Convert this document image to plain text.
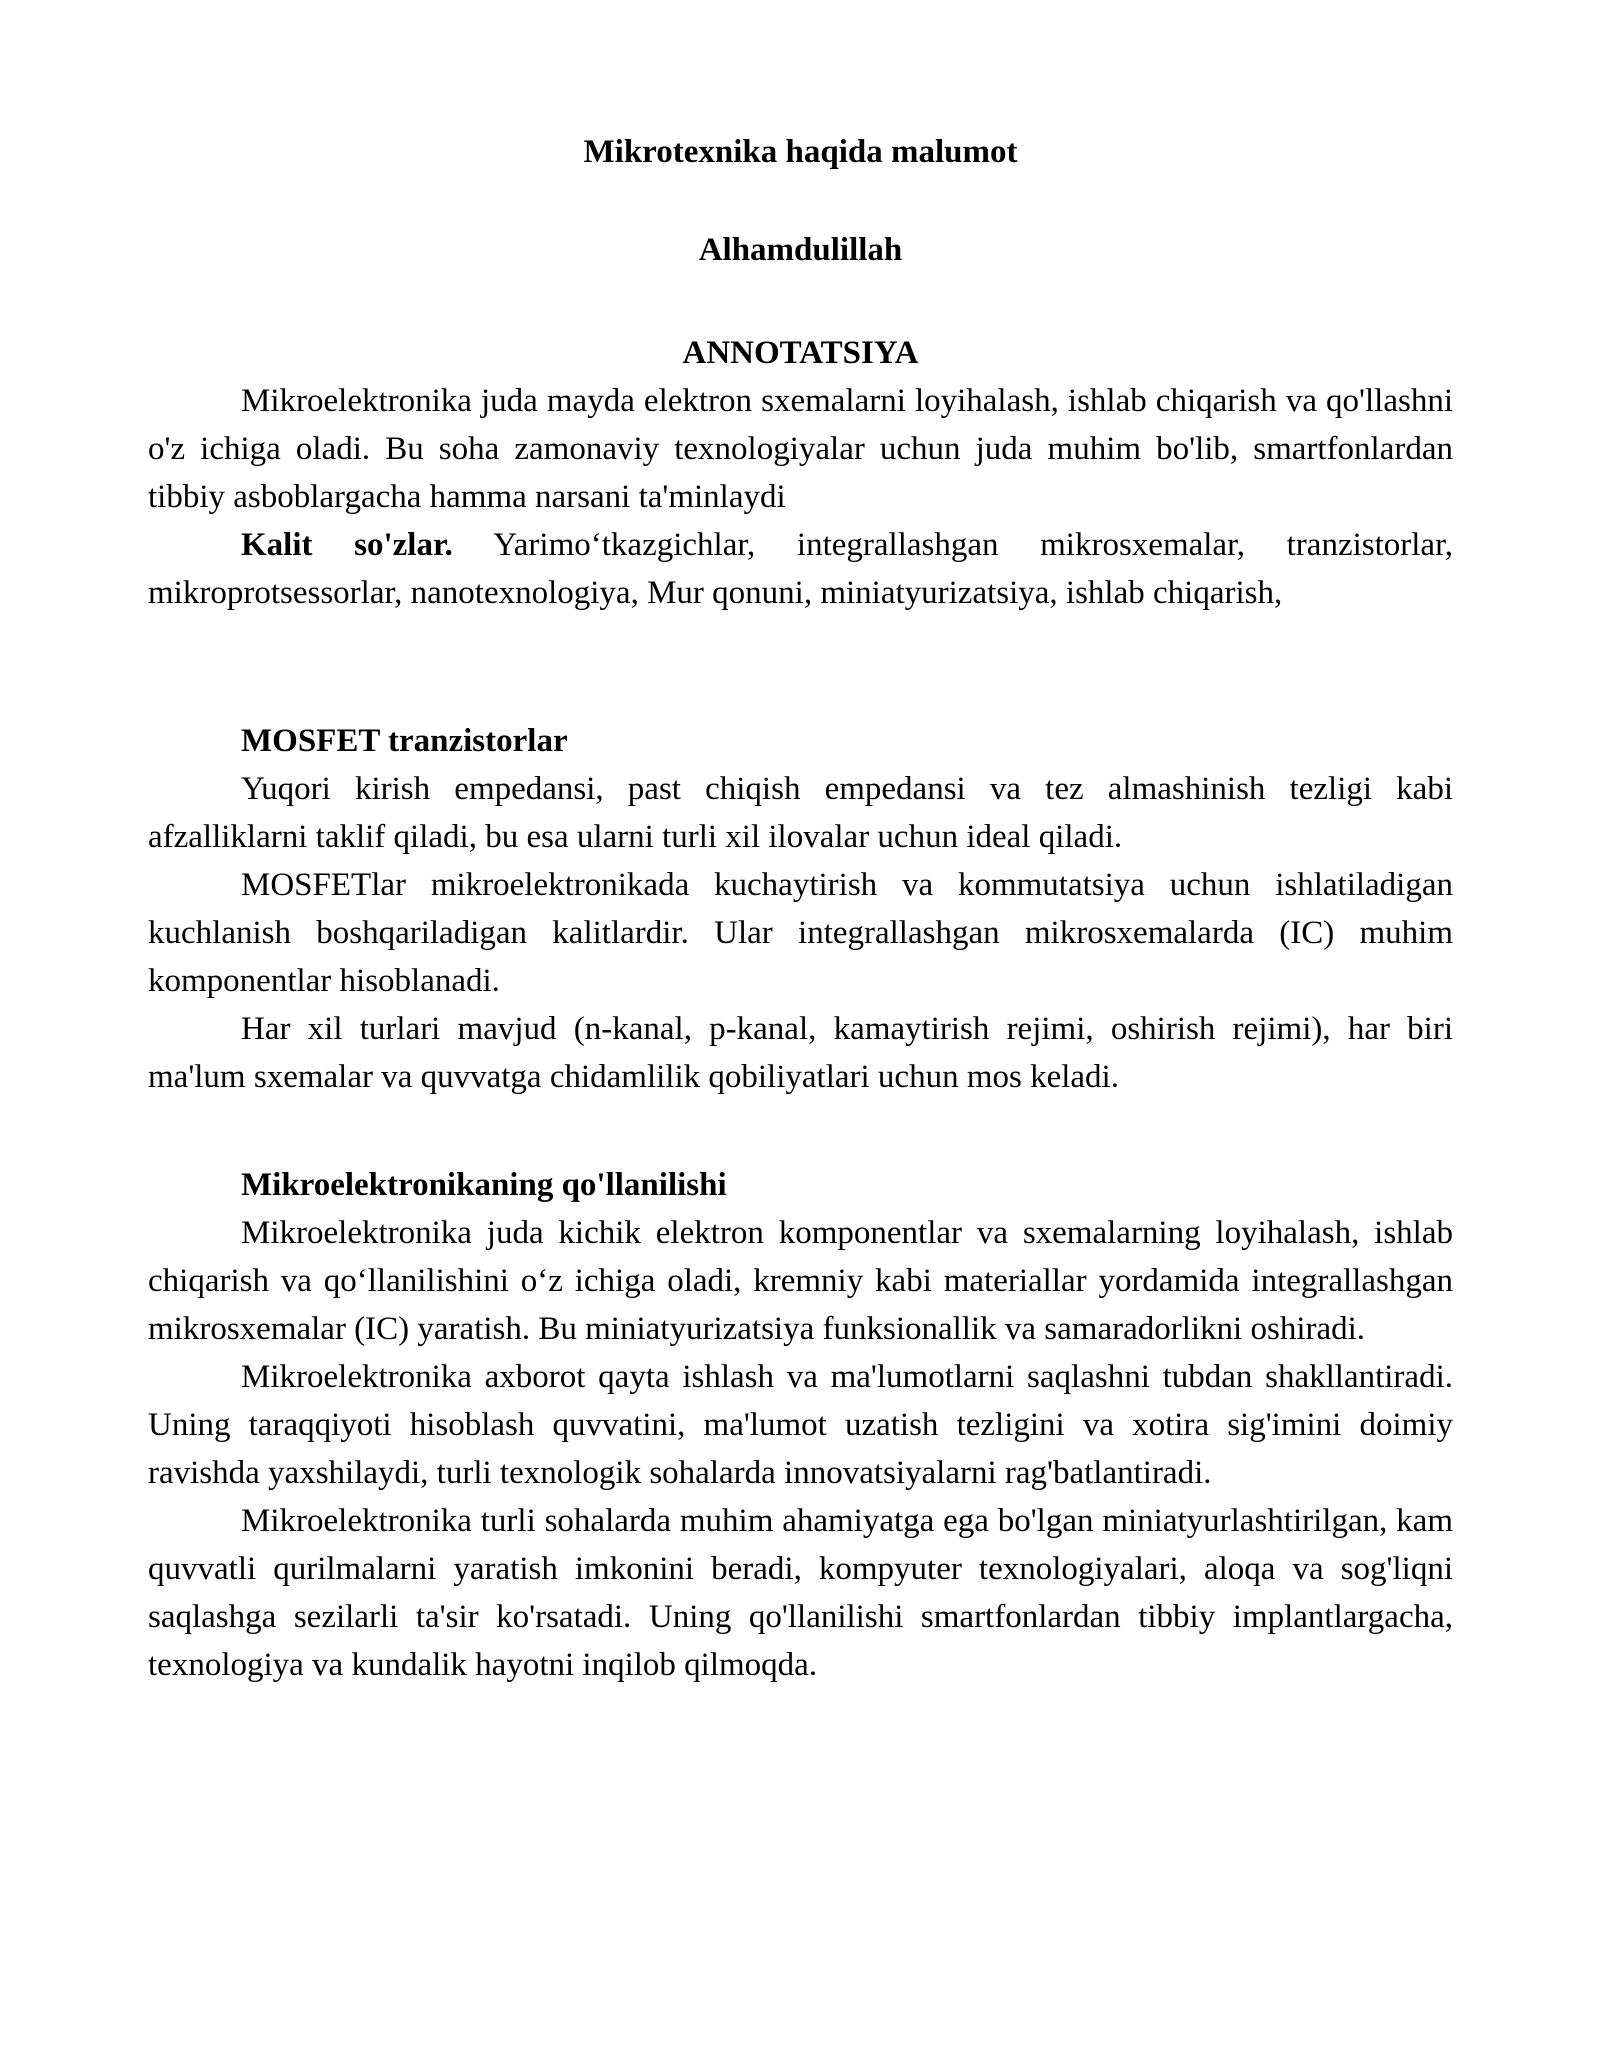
Mikrotexnika haqida malumot

Alhamdulillah

ANNOTATSIYA

Mikroelektronika juda mayda elektron sxemalarni loyihalash, ishlab chiqarish va qo'llashni o'z ichiga oladi. Bu soha zamonaviy texnologiyalar uchun juda muhim bo'lib, smartfonlardan tibbiy asboblargacha hamma narsani ta'minlaydi

Kalit so'zlar. Yarimoʻtkazgichlar, integrallashgan mikrosxemalar, tranzistorlar, mikroprotsessorlar, nanotexnologiya, Mur qonuni, miniatyurizatsiya, ishlab chiqarish,

MOSFET tranzistorlar

Yuqori kirish empedansi, past chiqish empedansi va tez almashinish tezligi kabi afzalliklarni taklif qiladi, bu esa ularni turli xil ilovalar uchun ideal qiladi.

MOSFETlar mikroelektronikada kuchaytirish va kommutatsiya uchun ishlatiladigan kuchlanish boshqariladigan kalitlardir. Ular integrallashgan mikrosxemalarda (IC) muhim komponentlar hisoblanadi.

Har xil turlari mavjud (n-kanal, p-kanal, kamaytirish rejimi, oshirish rejimi), har biri ma'lum sxemalar va quvvatga chidamlilik qobiliyatlari uchun mos keladi.

Mikroelektronikaning qo'llanilishi

Mikroelektronika juda kichik elektron komponentlar va sxemalarning loyihalash, ishlab chiqarish va qoʻllanilishini oʻz ichiga oladi, kremniy kabi materiallar yordamida integrallashgan mikrosxemalar (IC) yaratish. Bu miniatyurizatsiya funksionallik va samaradorlikni oshiradi.

Mikroelektronika axborot qayta ishlash va ma'lumotlarni saqlashni tubdan shakllantiradi. Uning taraqqiyoti hisoblash quvvatini, ma'lumot uzatish tezligini va xotira sig'imini doimiy ravishda yaxshilaydi, turli texnologik sohalarda innovatsiyalarni rag'batlantiradi.

Mikroelektronika turli sohalarda muhim ahamiyatga ega bo'lgan miniatyurlashtirilgan, kam quvvatli qurilmalarni yaratish imkonini beradi, kompyuter texnologiyalari, aloqa va sog'liqni saqlashga sezilarli ta'sir ko'rsatadi. Uning qo'llanilishi smartfonlardan tibbiy implantlargacha, texnologiya va kundalik hayotni inqilob qilmoqda.
